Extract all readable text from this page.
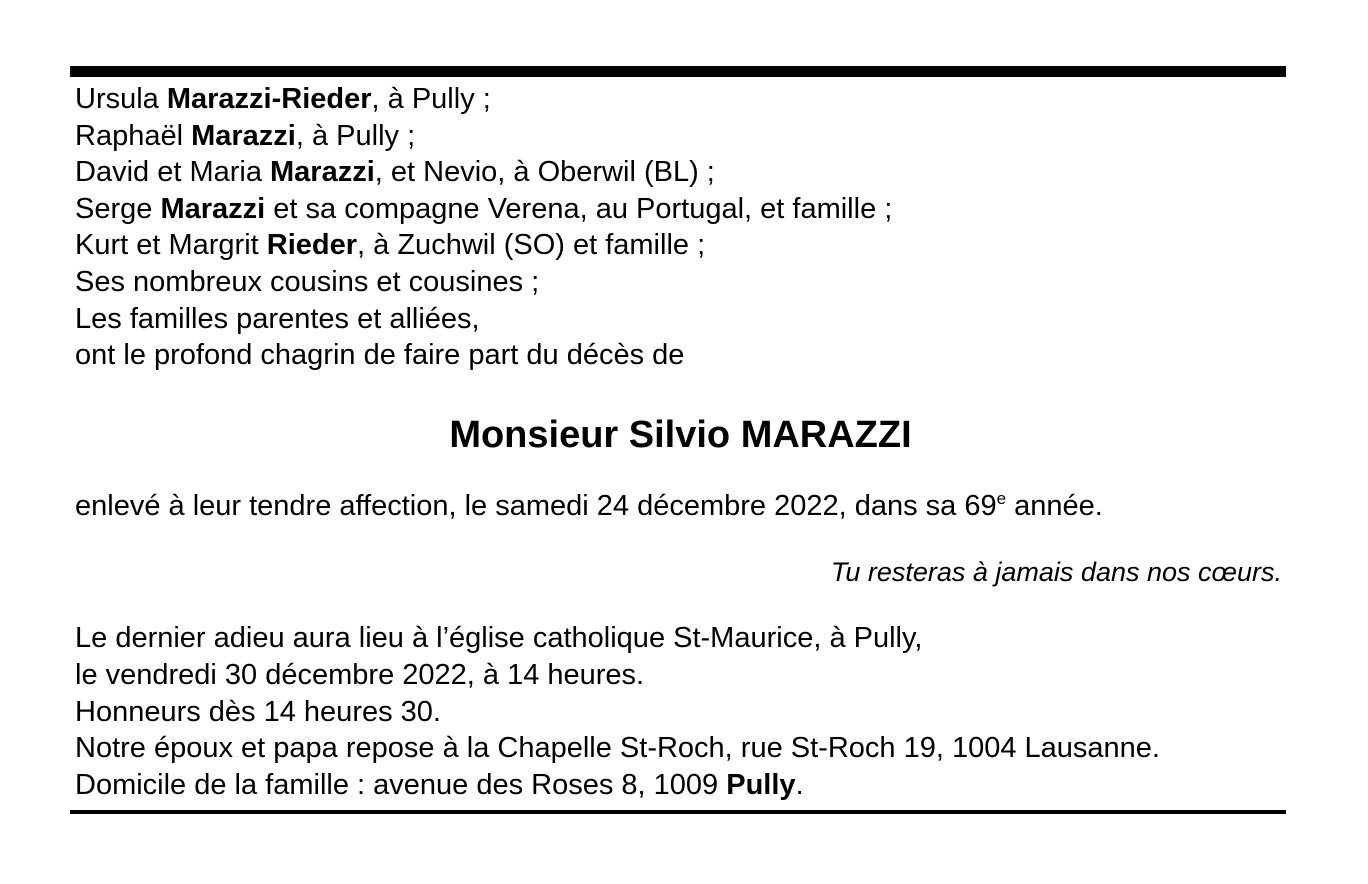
Ursula Marazzi-Rieder, à Pully ;
Raphaël Marazzi, à Pully ;
David et Maria Marazzi, et Nevio, à Oberwil (BL) ;
Serge Marazzi et sa compagne Verena, au Portugal, et famille ;
Kurt et Margrit Rieder, à Zuchwil (SO) et famille ;
Ses nombreux cousins et cousines ;
Les familles parentes et alliées,
ont le profond chagrin de faire part du décès de
Monsieur Silvio MARAZZI
enlevé à leur tendre affection, le samedi 24 décembre 2022, dans sa 69e année.
Tu resteras à jamais dans nos cœurs.
Le dernier adieu aura lieu à l’église catholique St-Maurice, à Pully,
le vendredi 30 décembre 2022, à 14 heures.
Honneurs dès 14 heures 30.
Notre époux et papa repose à la Chapelle St-Roch, rue St-Roch 19, 1004 Lausanne.
Domicile de la famille : avenue des Roses 8, 1009 Pully.
